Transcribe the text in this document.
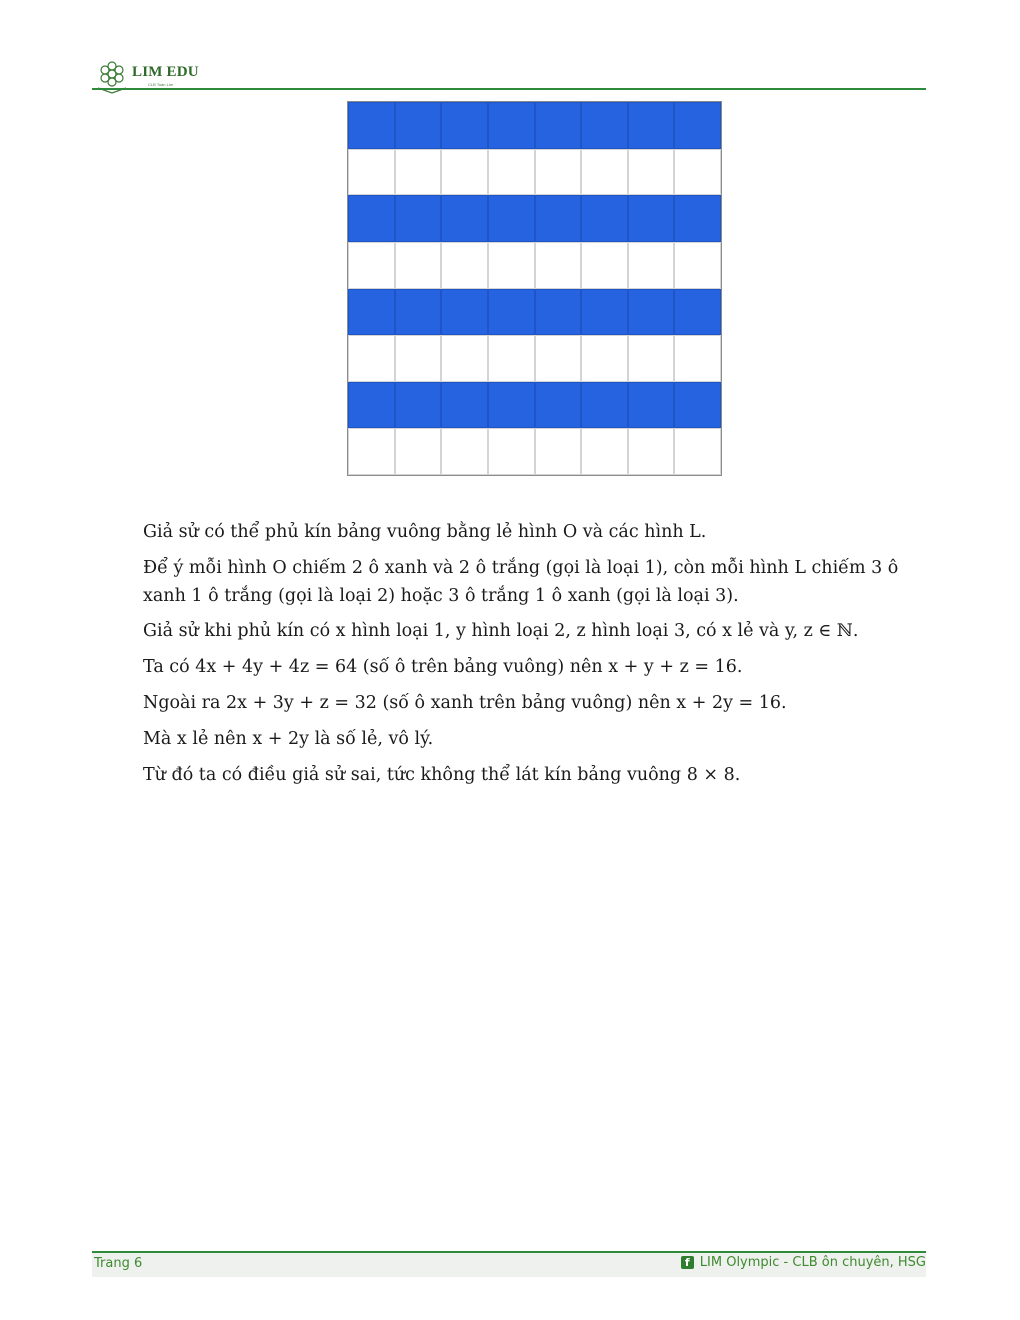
LIM EDU
CLB Toán Lim

Giả sử có thể phủ kín bảng vuông bằng lẻ hình O và các hình L.

Để ý mỗi hình O chiếm 2 ô xanh và 2 ô trắng (gọi là loại 1), còn mỗi hình L chiếm 3 ô xanh 1 ô trắng (gọi là loại 2) hoặc 3 ô trắng 1 ô xanh (gọi là loại 3).

Giả sử khi phủ kín có x hình loại 1, y hình loại 2, z hình loại 3, có x lẻ và y, z ∈ ℕ.

Ta có 4x + 4y + 4z = 64 (số ô trên bảng vuông) nên x + y + z = 16.

Ngoài ra 2x + 3y + z = 32 (số ô xanh trên bảng vuông) nên x + 2y = 16.

Mà x lẻ nên x + 2y là số lẻ, vô lý.

Từ đó ta có điều giả sử sai, tức không thể lát kín bảng vuông 8 × 8.

Trang 6	f LIM Olympic - CLB ôn chuyên, HSG
